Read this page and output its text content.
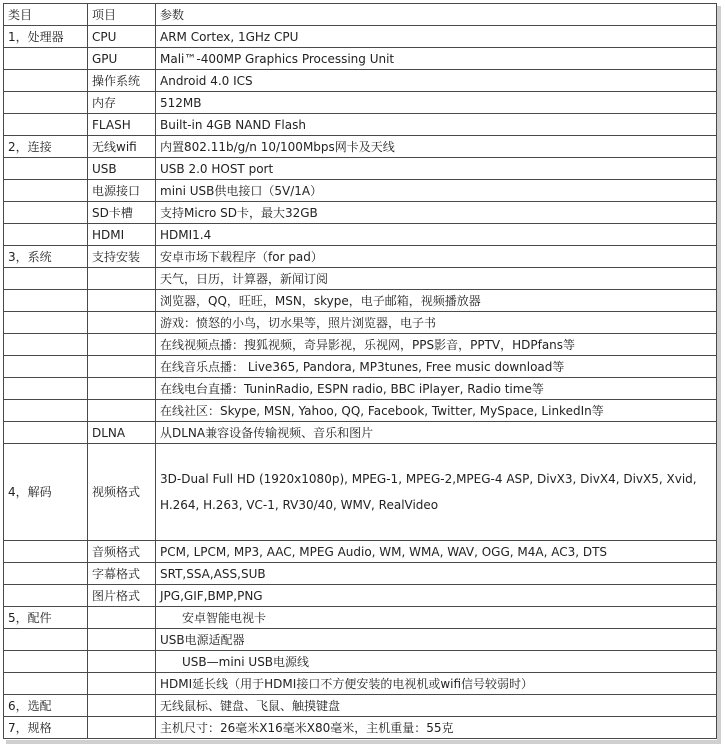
类目	项目	参数
1，处理器	CPU	ARM Cortex, 1GHz CPU
	GPU	Mali™-400MP Graphics Processing Unit
	操作系统	Android 4.0 ICS
	内存	512MB
	FLASH	Built-in 4GB NAND Flash
2，连接	无线wifi	内置802.11b/g/n 10/100Mbps网卡及天线
	USB	USB 2.0 HOST port
	电源接口	mini USB供电接口（5V/1A）
	SD卡槽	支持Micro SD卡，最大32GB
	HDMI	HDMI1.4
3，系统	支持安装	安卓市场下载程序（for pad）
		天气，日历，计算器，新闻订阅
		浏览器，QQ，旺旺，MSN，skype，电子邮箱，视频播放器
		游戏：愤怒的小鸟，切水果等，照片浏览器，电子书
		在线视频点播：搜狐视频，奇异影视，乐视网，PPS影音，PPTV，HDPfans等
		在线音乐点播： Live365, Pandora, MP3tunes, Free music download等
		在线电台直播：TuninRadio, ESPN radio, BBC iPlayer, Radio time等
		在线社区：Skype, MSN, Yahoo, QQ, Facebook, Twitter, MySpace, LinkedIn等
	DLNA	从DLNA兼容设备传输视频、音乐和图片
4，解码	视频格式	3D-Dual Full HD (1920x1080p), MPEG-1, MPEG-2,MPEG-4 ASP, DivX3, DivX4, DivX5, Xvid, H.264, H.263, VC-1, RV30/40, WMV, RealVideo
	音频格式	PCM, LPCM, MP3, AAC, MPEG Audio, WM, WMA, WAV, OGG, M4A, AC3, DTS
	字幕格式	SRT,SSA,ASS,SUB
	图片格式	JPG,GIF,BMP,PNG
5，配件		安卓智能电视卡
		USB电源适配器
		USB—mini USB电源线
		HDMI延长线（用于HDMI接口不方便安装的电视机或wifi信号较弱时）
6，选配		无线鼠标、键盘、飞鼠、触摸键盘
7，规格		主机尺寸：26毫米X16毫米X80毫米，主机重量：55克
